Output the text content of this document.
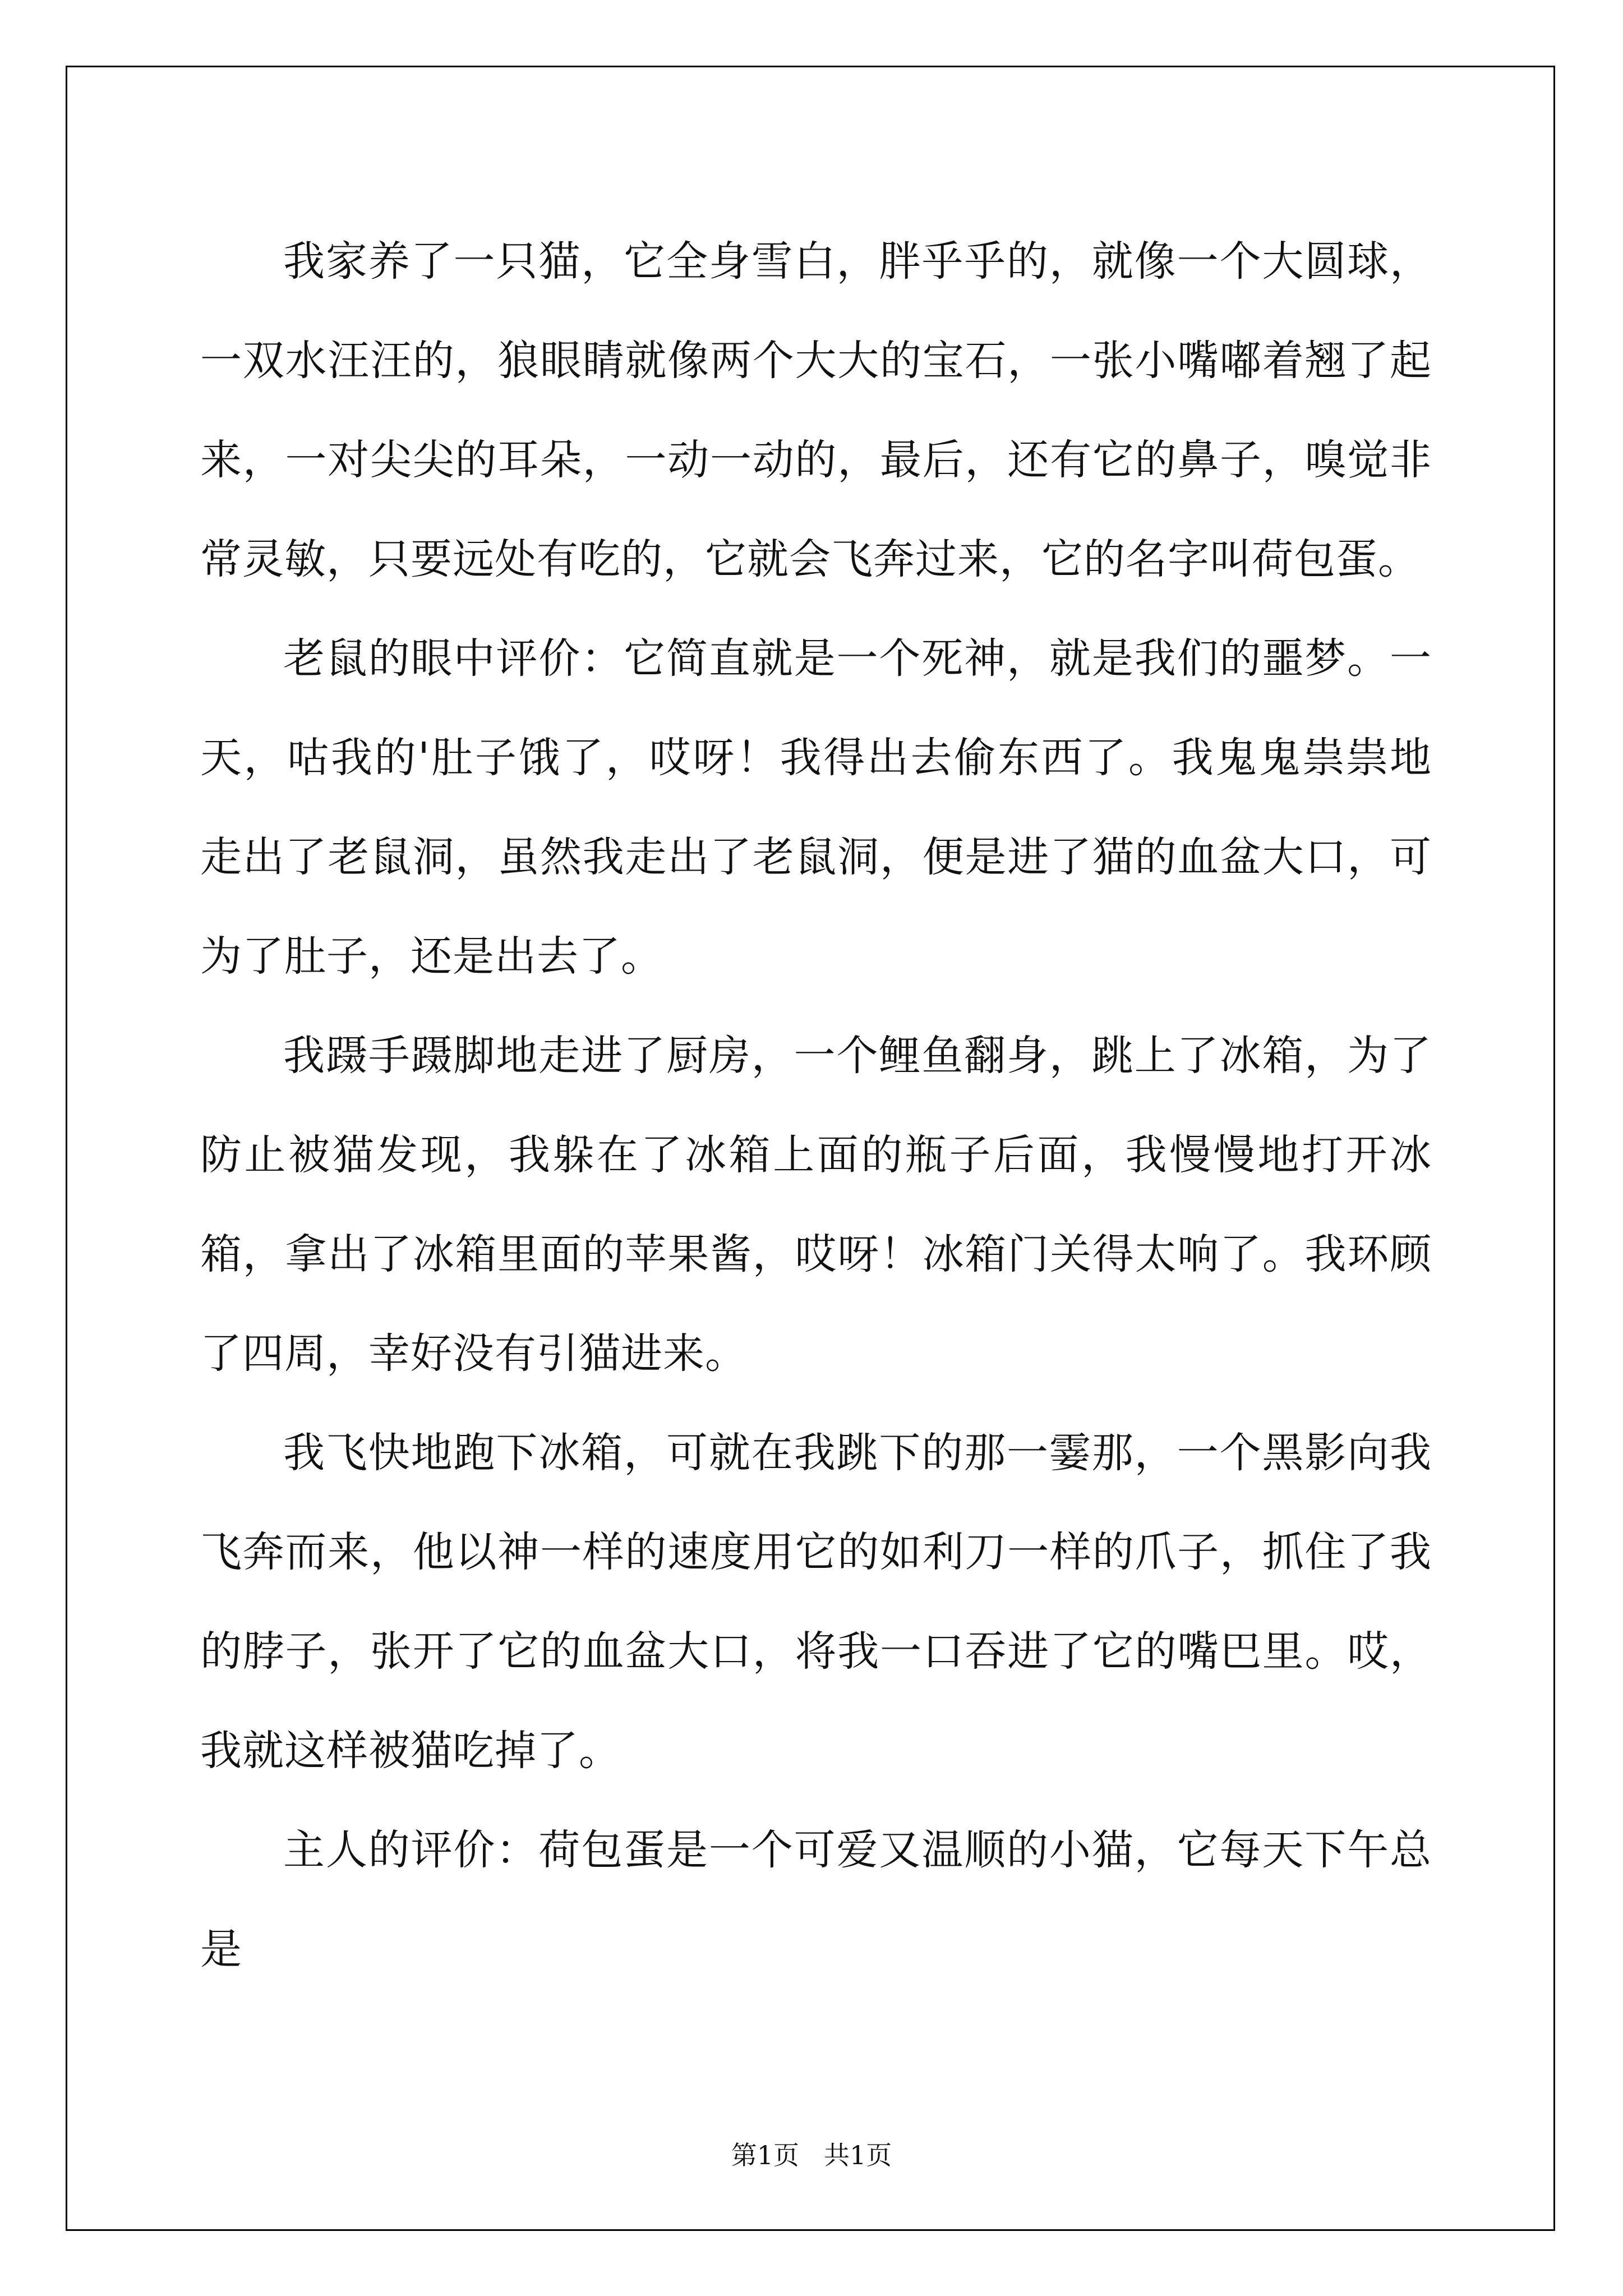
我家养了一只猫，它全身雪白，胖乎乎的，就像一个大圆球，一双水汪汪的，狼眼睛就像两个大大的宝石，一张小嘴嘟着翘了起来，一对尖尖的耳朵，一动一动的，最后，还有它的鼻子，嗅觉非常灵敏，只要远处有吃的，它就会飞奔过来，它的名字叫荷包蛋。

老鼠的眼中评价：它简直就是一个死神，就是我们的噩梦。一天，咕我的'肚子饿了，哎呀！我得出去偷东西了。我鬼鬼祟祟地走出了老鼠洞，虽然我走出了老鼠洞，便是进了猫的血盆大口，可为了肚子，还是出去了。

我蹑手蹑脚地走进了厨房，一个鲤鱼翻身，跳上了冰箱，为了防止被猫发现，我躲在了冰箱上面的瓶子后面，我慢慢地打开冰箱，拿出了冰箱里面的苹果酱，哎呀！冰箱门关得太响了。我环顾了四周，幸好没有引猫进来。

我飞快地跑下冰箱，可就在我跳下的那一霎那，一个黑影向我飞奔而来，他以神一样的速度用它的如利刀一样的爪子，抓住了我的脖子，张开了它的血盆大口，将我一口吞进了它的嘴巴里。哎，我就这样被猫吃掉了。

主人的评价：荷包蛋是一个可爱又温顺的小猫，它每天下午总是

第1页 共1页
